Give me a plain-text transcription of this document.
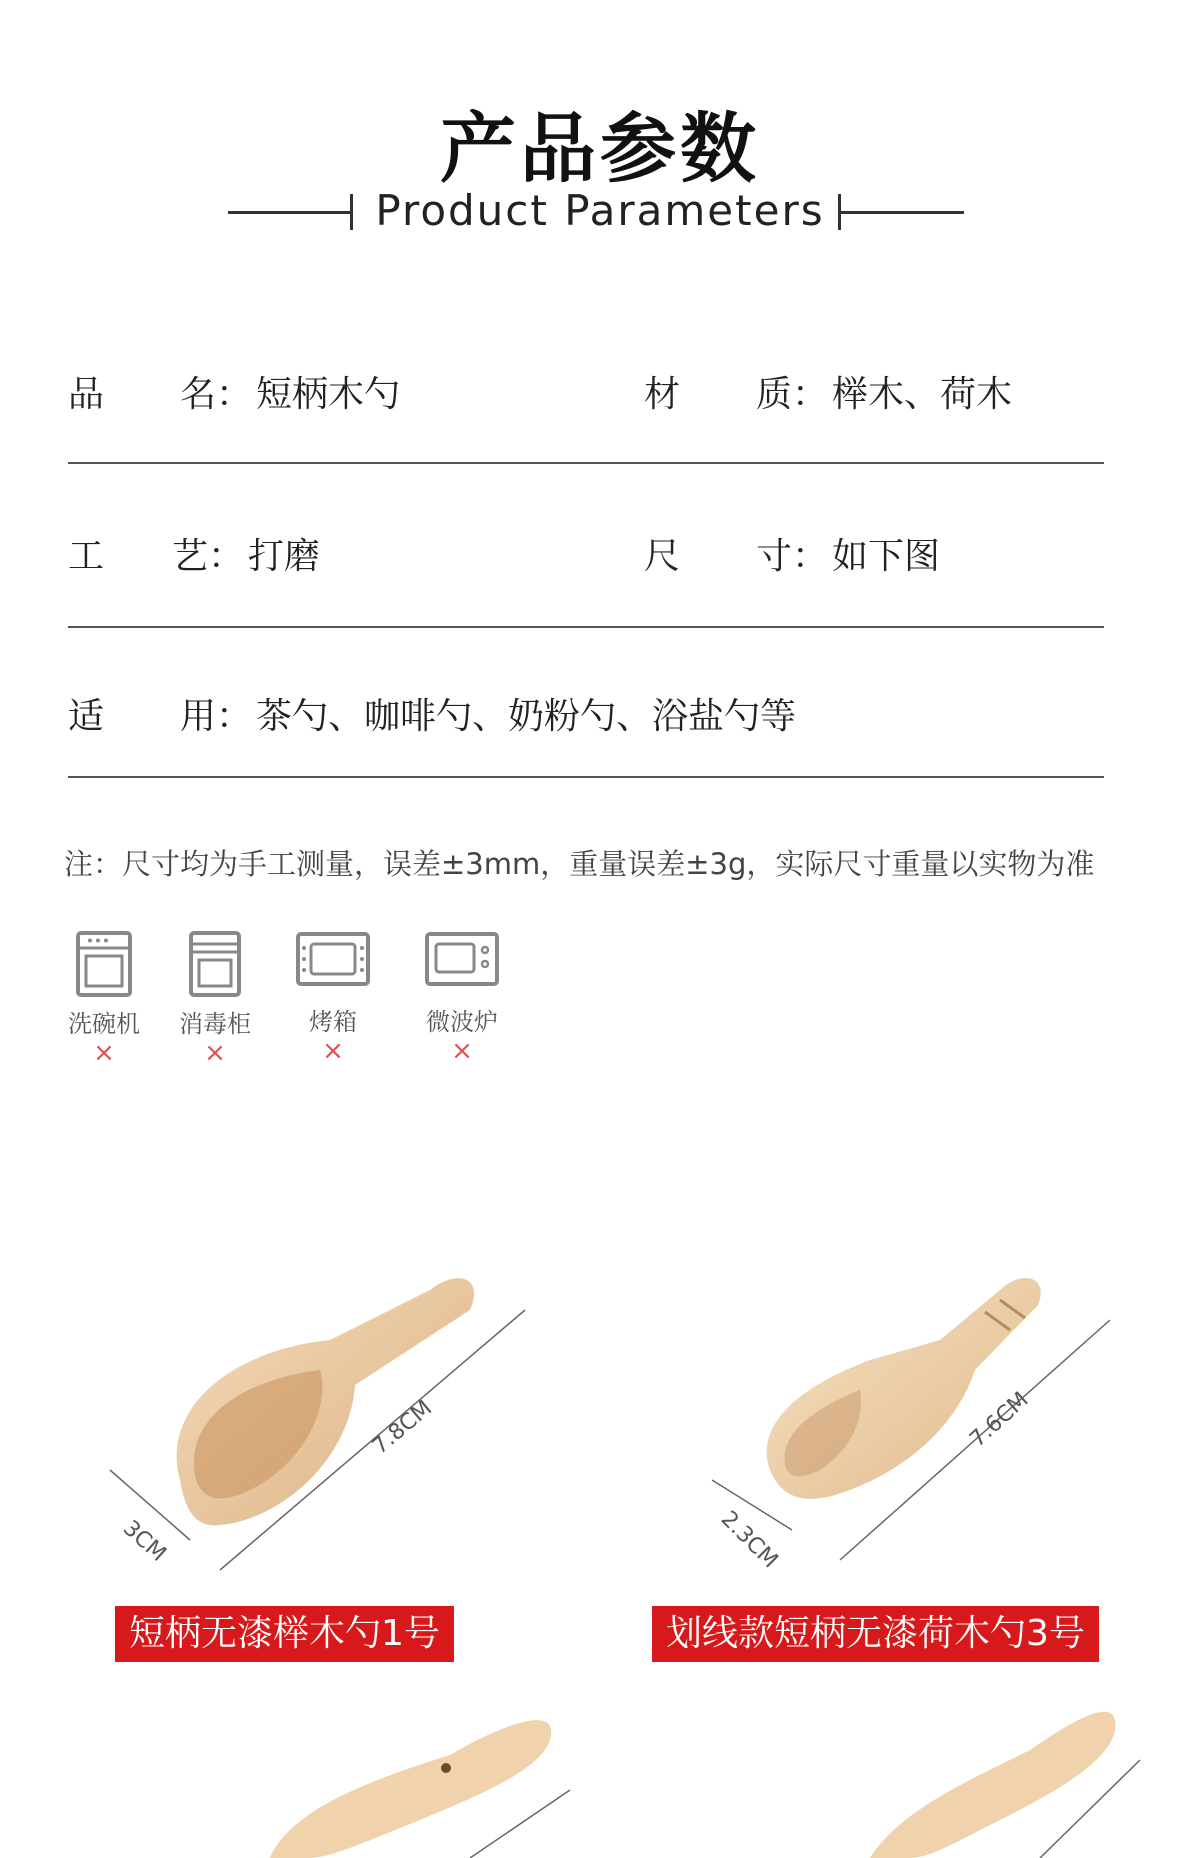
产品参数
Product Parameters
品 名： 短柄木勺	材 质： 榉木、荷木
工 艺： 打磨	尺 寸： 如下图
适 用： 茶勺、咖啡勺、奶粉勺、浴盐勺等
注：尺寸均为手工测量，误差±3mm，重量误差±3g，实际尺寸重量以实物为准
洗碗机
×
消毒柜
×
烤箱
×
微波炉
×
3CM
7.8CM
短柄无漆榉木勺1号
2.3CM
7.6CM
划线款短柄无漆荷木勺3号
